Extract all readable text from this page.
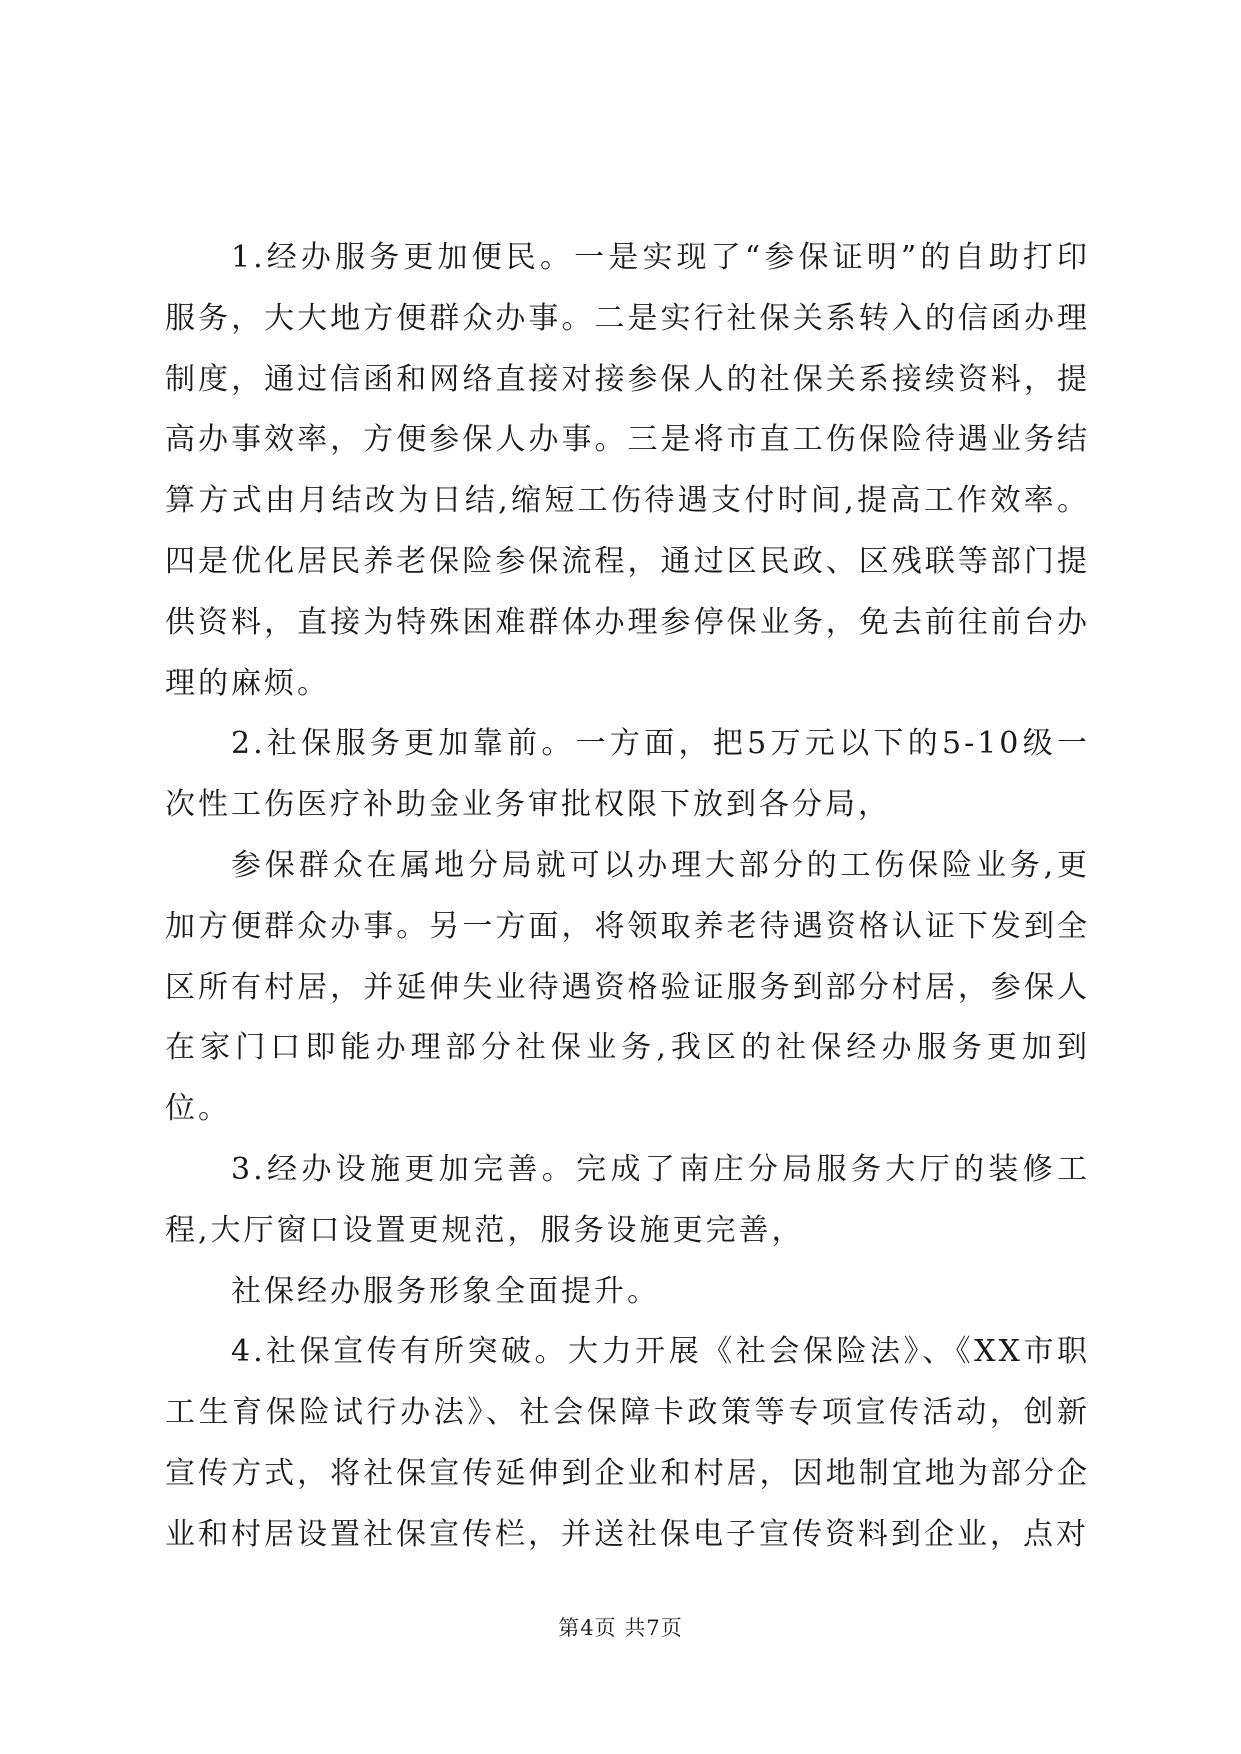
1.经办服务更加便民。一是实现了“参保证明”的自助打印服务，大大地方便群众办事。二是实行社保关系转入的信函办理制度，通过信函和网络直接对接参保人的社保关系接续资料，提高办事效率，方便参保人办事。三是将市直工伤保险待遇业务结算方式由月结改为日结,缩短工伤待遇支付时间,提高工作效率。四是优化居民养老保险参保流程，通过区民政、区残联等部门提供资料，直接为特殊困难群体办理参停保业务，免去前往前台办理的麻烦。

2.社保服务更加靠前。一方面，把5万元以下的5-10级一次性工伤医疗补助金业务审批权限下放到各分局，

参保群众在属地分局就可以办理大部分的工伤保险业务,更加方便群众办事。另一方面，将领取养老待遇资格认证下发到全区所有村居，并延伸失业待遇资格验证服务到部分村居，参保人在家门口即能办理部分社保业务,我区的社保经办服务更加到位。

3.经办设施更加完善。完成了南庄分局服务大厅的装修工程,大厅窗口设置更规范，服务设施更完善，

社保经办服务形象全面提升。

4.社保宣传有所突破。大力开展《社会保险法》、《XX市职工生育保险试行办法》、社会保障卡政策等专项宣传活动，创新宣传方式，将社保宣传延伸到企业和村居，因地制宜地为部分企业和村居设置社保宣传栏，并送社保电子宣传资料到企业，点对

第4页 共7页
